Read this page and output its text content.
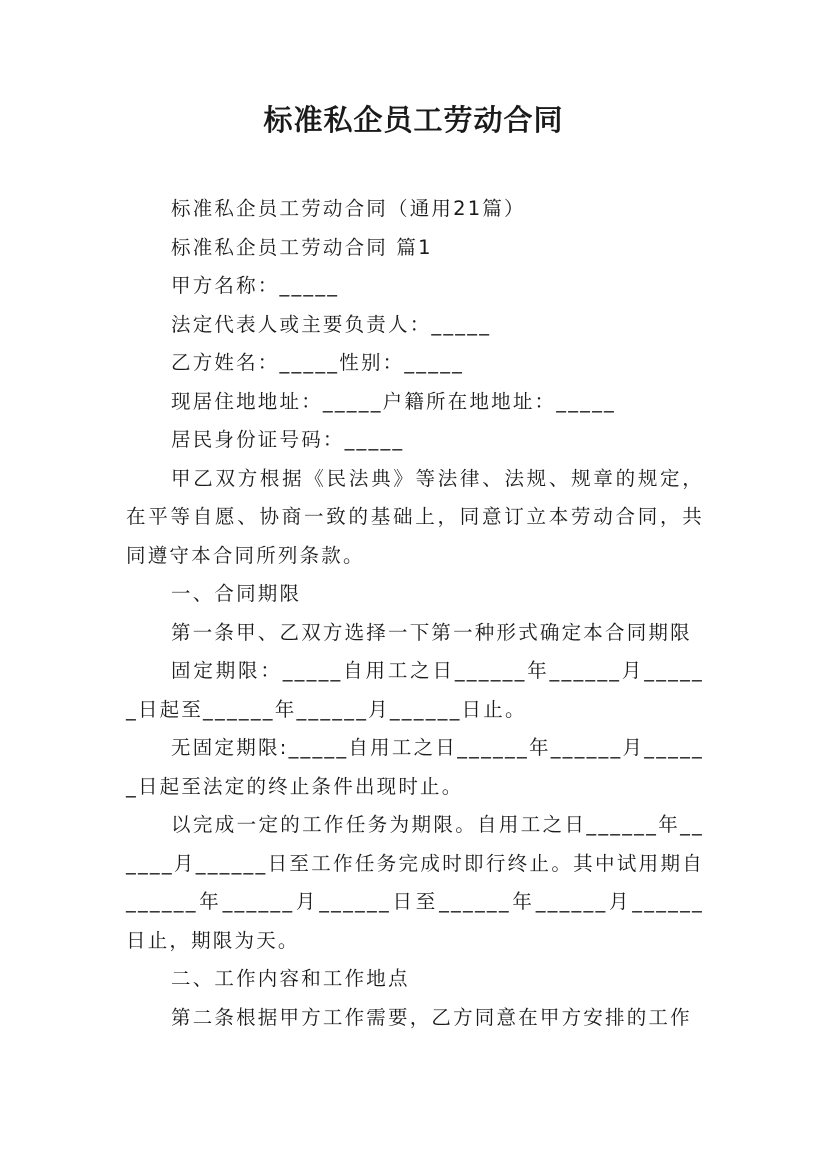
标准私企员工劳动合同

标准私企员工劳动合同（通用21篇）

标准私企员工劳动合同 篇1

甲方名称：_____

法定代表人或主要负责人：_____

乙方姓名：_____性别：_____

现居住地地址：_____户籍所在地地址：_____

居民身份证号码：_____

甲乙双方根据《民法典》等法律、法规、规章的规定，在平等自愿、协商一致的基础上，同意订立本劳动合同，共同遵守本合同所列条款。

一、合同期限

第一条甲、乙双方选择一下第一种形式确定本合同期限

固定期限：_____自用工之日______年______月______日起至______年______月______日止。

无固定期限:_____自用工之日______年______月______日起至法定的终止条件出现时止。

以完成一定的工作任务为期限。自用工之日______年______月______日至工作任务完成时即行终止。其中试用期自______年______月______日至______年______月______日止，期限为天。

二、工作内容和工作地点

第二条根据甲方工作需要，乙方同意在甲方安排的工作
